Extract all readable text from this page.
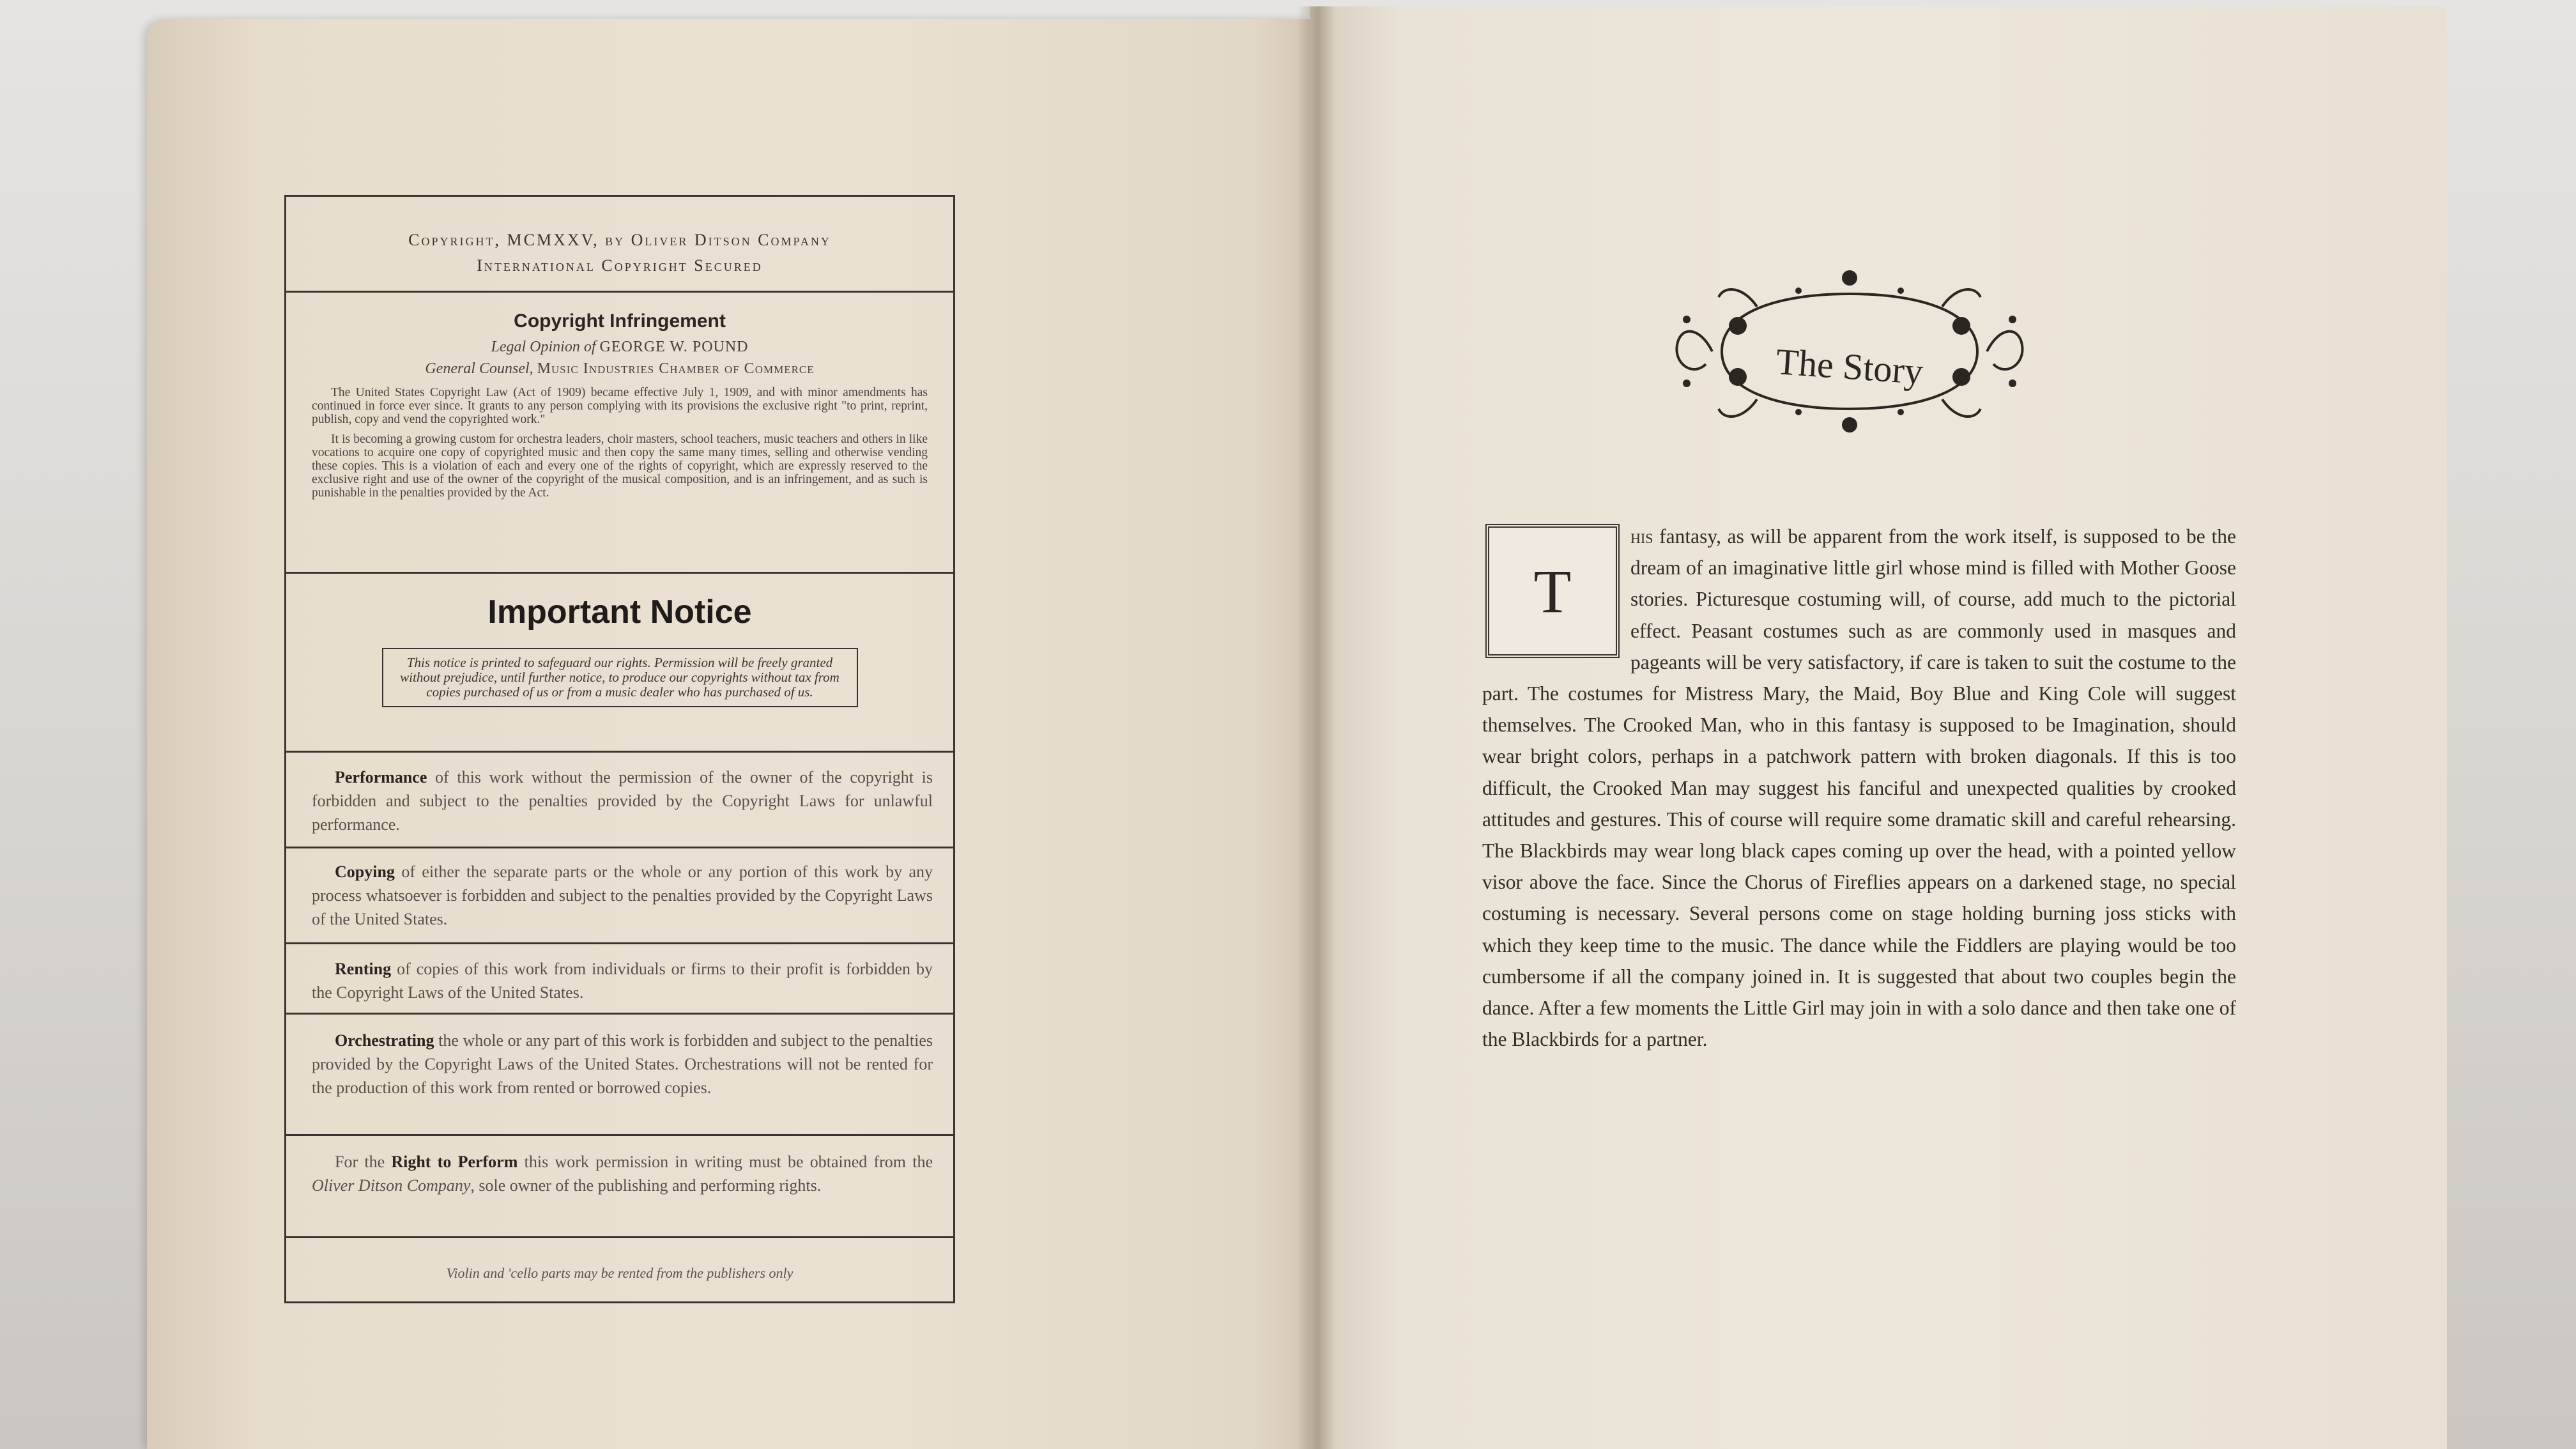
Copyright, MCMXXV, by Oliver Ditson Company
International Copyright Secured
Copyright Infringement
Legal Opinion of GEORGE W. POUND
General Counsel, Music Industries Chamber of Commerce

The United States Copyright Law (Act of 1909) became effective July 1, 1909, and with minor amendments has continued in force ever since. It grants to any person complying with its provisions the exclusive right "to print, reprint, publish, copy and vend the copyrighted work."

It is becoming a growing custom for orchestra leaders, choir masters, school teachers, music teachers and others in like vocations to acquire one copy of copyrighted music and then copy the same many times, selling and otherwise vending these copies. This is a violation of each and every one of the rights of copyright, which are expressly reserved to the exclusive right and use of the owner of the copyright of the musical composition, and is an infringement, and as such is punishable in the penalties provided by the Act.

Important Notice
This notice is printed to safeguard our rights. Permission will be freely granted without prejudice, until further notice, to produce our copyrights without tax from copies purchased of us or from a music dealer who has purchased of us.
Performance of this work without the permission of the owner of the copyright is forbidden and subject to the penalties provided by the Copyright Laws for unlawful performance.
Copying of either the separate parts or the whole or any portion of this work by any process whatsoever is forbidden and subject to the penalties provided by the Copyright Laws of the United States.
Renting of copies of this work from individuals or firms to their profit is forbidden by the Copyright Laws of the United States.
Orchestrating the whole or any part of this work is forbidden and subject to the penalties provided by the Copyright Laws of the United States. Orchestrations will not be rented for the production of this work from rented or borrowed copies.
For the Right to Perform this work permission in writing must be obtained from the Oliver Ditson Company, sole owner of the publishing and performing rights.
Violin and 'cello parts may be rented from the publishers only
The Story
T
his fantasy, as will be apparent from the work itself, is supposed to be the dream of an imaginative little girl whose mind is filled with Mother Goose stories. Picturesque costuming will, of course, add much to the pictorial effect. Peasant costumes such as are commonly used in masques and pageants will be very satisfactory, if care is taken to suit the costume to the part. The costumes for Mistress Mary, the Maid, Boy Blue and King Cole will suggest themselves. The Crooked Man, who in this fantasy is supposed to be Imagination, should wear bright colors, perhaps in a patchwork pattern with broken diagonals. If this is too difficult, the Crooked Man may suggest his fanciful and unexpected qualities by crooked attitudes and gestures. This of course will require some dramatic skill and careful rehearsing. The Blackbirds may wear long black capes coming up over the head, with a pointed yellow visor above the face. Since the Chorus of Fireflies appears on a darkened stage, no special costuming is necessary. Several persons come on stage holding burning joss sticks with which they keep time to the music. The dance while the Fiddlers are playing would be too cumbersome if all the company joined in. It is suggested that about two couples begin the dance. After a few moments the Little Girl may join in with a solo dance and then take one of the Blackbirds for a partner.
